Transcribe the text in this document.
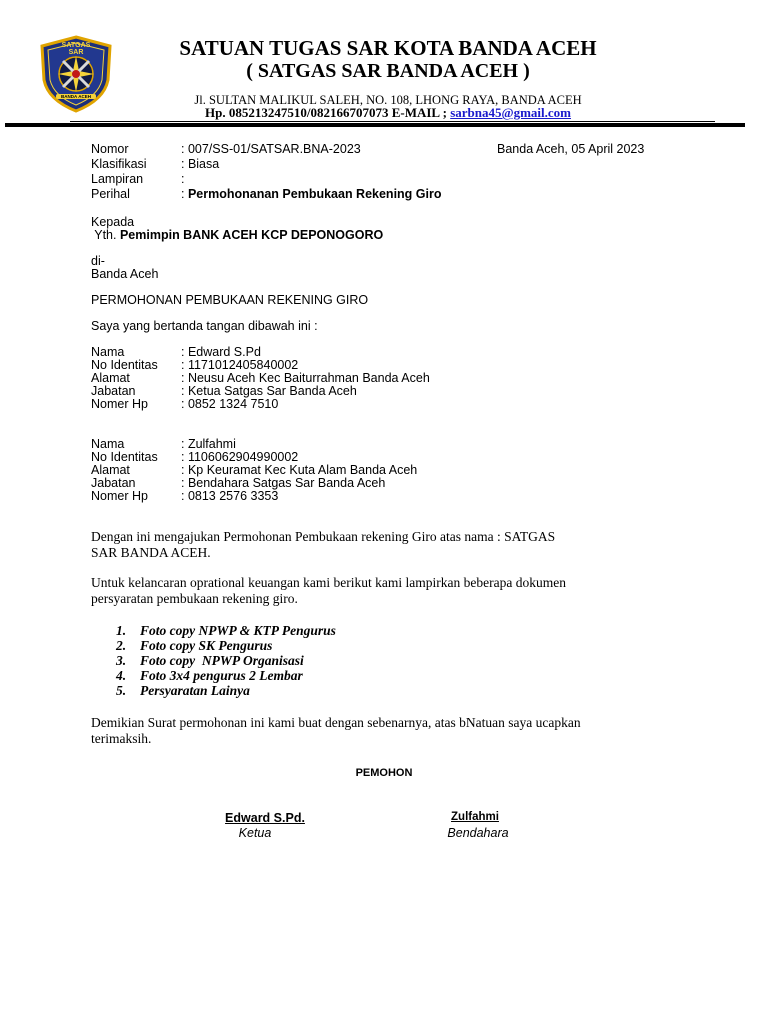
SATGAS SAR
BANDA ACEH
SATUAN TUGAS SAR KOTA BANDA ACEH
( SATGAS SAR BANDA ACEH )
Jl. SULTAN MALIKUL SALEH, NO. 108, LHONG RAYA, BANDA ACEH
Hp. 085213247510/082166707073 E-MAIL ; sarbna45@gmail.com
Nomor	: 007/SS-01/SATSAR.BNA-2023	Banda Aceh, 05 April 2023
Klasifikasi	: Biasa
Lampiran	:
Perihal	: Permohonanan Pembukaan Rekening Giro
Kepada
Yth. Pemimpin BANK ACEH KCP DEPONOGORO
di-
Banda Aceh
PERMOHONAN PEMBUKAAN REKENING GIRO
Saya yang bertanda tangan dibawah ini :
Nama	: Edward S.Pd
No Identitas : 1171012405840002
Alamat	: Neusu Aceh Kec Baiturrahman Banda Aceh
Jabatan	: Ketua Satgas Sar Banda Aceh
Nomer Hp	: 0852 1324 7510
Nama	: Zulfahmi
No Identitas : 1106062904990002
Alamat	: Kp Keuramat Kec Kuta Alam Banda Aceh
Jabatan	: Bendahara Satgas Sar Banda Aceh
Nomer Hp	: 0813 2576 3353
Dengan ini mengajukan Permohonan Pembukaan rekening Giro atas nama : SATGAS
SAR BANDA ACEH.
Untuk kelancaran oprational keuangan kami berikut kami lampirkan beberapa dokumen
persyaratan pembukaan rekening giro.
1. Foto copy NPWP & KTP Pengurus
2. Foto copy SK Pengurus
3. Foto copy  NPWP Organisasi
4. Foto 3x4 pengurus 2 Lembar
5. Persyaratan Lainya
Demikian Surat permohonan ini kami buat dengan sebenarnya, atas bNatuan saya ucapkan
terimaksih.
PEMOHON
Edward S.Pd.
Ketua
Zulfahmi
Bendahara
